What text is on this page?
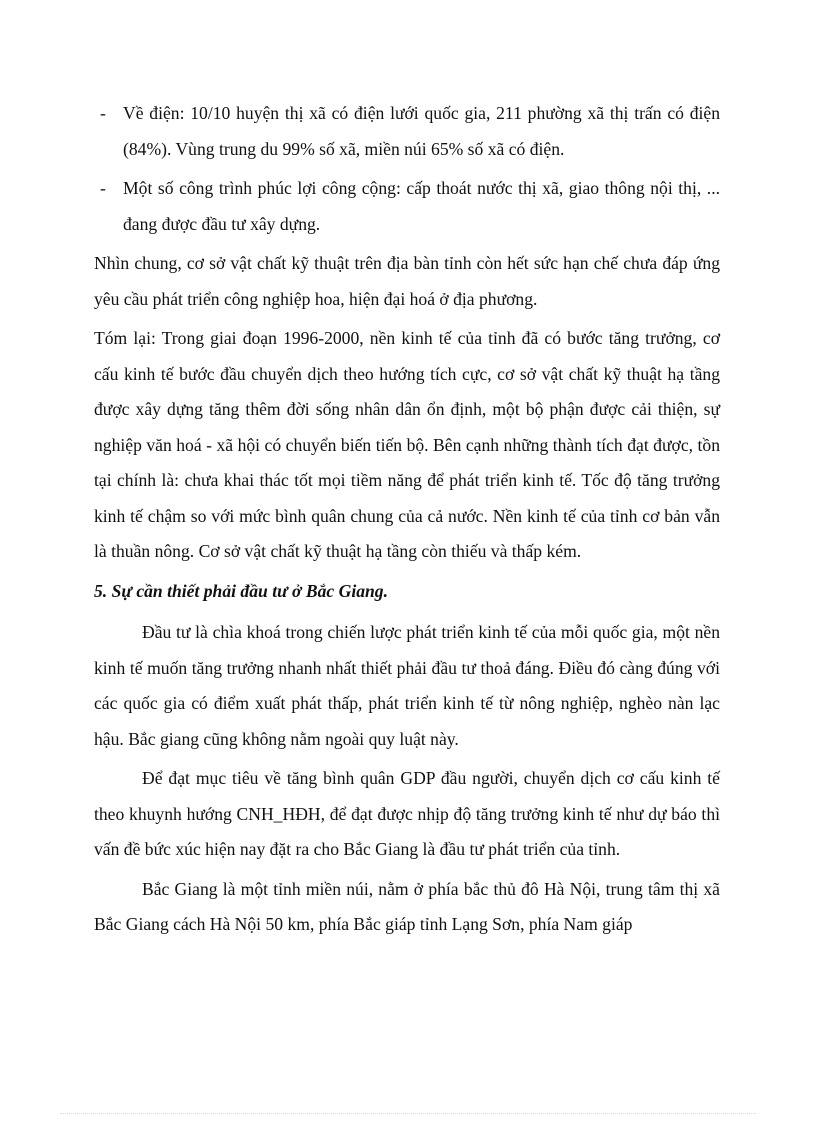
- Về điện: 10/10 huyện thị xã có điện lưới quốc gia, 211 phường xã thị trấn có điện (84%). Vùng trung du 99% số xã, miền núi 65% số xã có điện.

- Một số công trình phúc lợi công cộng: cấp thoát nước thị xã, giao thông nội thị, ... đang được đầu tư xây dựng.

Nhìn chung, cơ sở vật chất kỹ thuật trên địa bàn tỉnh còn hết sức hạn chế chưa đáp ứng yêu cầu phát triển công nghiệp hoa, hiện đại hoá ở địa phương.

Tóm lại: Trong giai đoạn 1996-2000, nền kinh tế của tỉnh đã có bước tăng trưởng, cơ cấu kinh tế bước đầu chuyển dịch theo hướng tích cực, cơ sở vật chất kỹ thuật hạ tầng được xây dựng tăng thêm đời sống nhân dân ổn định, một bộ phận được cải thiện, sự nghiệp văn hoá - xã hội có chuyển biến tiến bộ. Bên cạnh những thành tích đạt được, tồn tại chính là: chưa khai thác tốt mọi tiềm năng để phát triển kinh tế. Tốc độ tăng trưởng kinh tế chậm so với mức bình quân chung của cả nước. Nền kinh tế của tỉnh cơ bản vẫn là thuần nông. Cơ sở vật chất kỹ thuật hạ tầng còn thiếu và thấp kém.

5. Sự cần thiết phải đầu tư ở Bắc Giang.

Đầu tư là chìa khoá trong chiến lược phát triển kinh tế của mỗi quốc gia, một nền kinh tế muốn tăng trưởng nhanh nhất thiết phải đầu tư thoả đáng. Điều đó càng đúng với các quốc gia có điểm xuất phát thấp, phát triển kinh tế từ nông nghiệp, nghèo nàn lạc hậu. Bắc giang cũng không nằm ngoài quy luật này.

Để đạt mục tiêu về tăng bình quân GDP đầu người, chuyển dịch cơ cấu kinh tế theo khuynh hướng CNH_HĐH, để đạt được nhịp độ tăng trưởng kinh tế như dự báo thì vấn đề bức xúc hiện nay đặt ra cho Bắc Giang là đầu tư phát triển của tỉnh.

Bắc Giang là một tỉnh miền núi, nằm ở phía bắc thủ đô Hà Nội, trung tâm thị xã Bắc Giang cách Hà Nội 50 km, phía Bắc giáp tỉnh Lạng Sơn, phía Nam giáp
